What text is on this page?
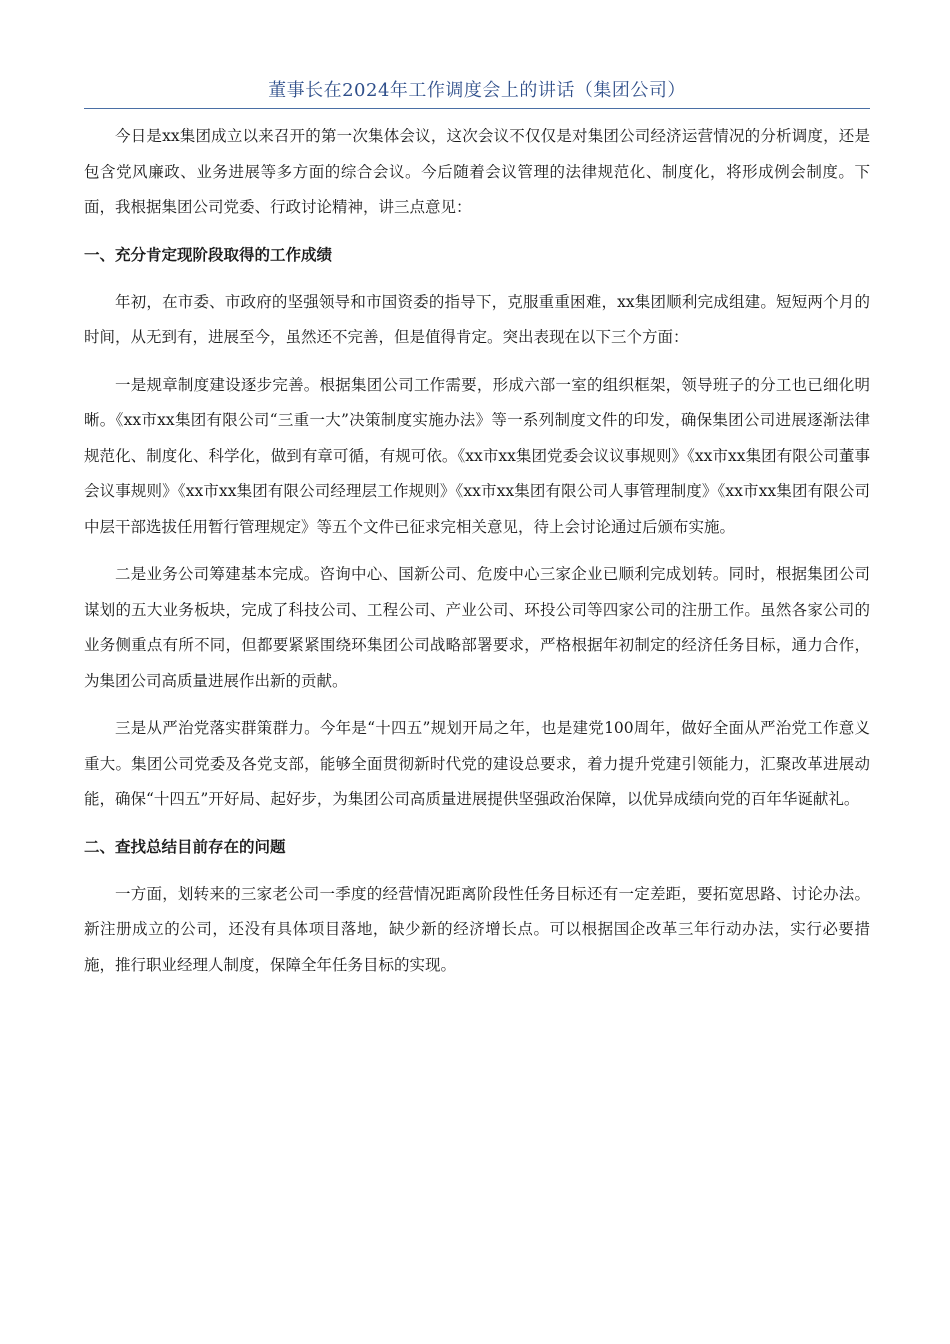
董事长在2024年工作调度会上的讲话（集团公司）

今日是xx集团成立以来召开的第一次集体会议，这次会议不仅仅是对集团公司经济运营情况的分析调度，还是包含党风廉政、业务进展等多方面的综合会议。今后随着会议管理的法律规范化、制度化，将形成例会制度。下面，我根据集团公司党委、行政讨论精神，讲三点意见：

一、充分肯定现阶段取得的工作成绩

年初，在市委、市政府的坚强领导和市国资委的指导下，克服重重困难，xx集团顺利完成组建。短短两个月的时间，从无到有，进展至今，虽然还不完善，但是值得肯定。突出表现在以下三个方面：

一是规章制度建设逐步完善。根据集团公司工作需要，形成六部一室的组织框架，领导班子的分工也已细化明晰。《xx市xx集团有限公司“三重一大”决策制度实施办法》等一系列制度文件的印发，确保集团公司进展逐渐法律规范化、制度化、科学化，做到有章可循，有规可依。《xx市xx集团党委会议议事规则》《xx市xx集团有限公司董事会议事规则》《xx市xx集团有限公司经理层工作规则》《xx市xx集团有限公司人事管理制度》《xx市xx集团有限公司中层干部选拔任用暂行管理规定》等五个文件已征求完相关意见，待上会讨论通过后颁布实施。

二是业务公司筹建基本完成。咨询中心、国新公司、危废中心三家企业已顺利完成划转。同时，根据集团公司谋划的五大业务板块，完成了科技公司、工程公司、产业公司、环投公司等四家公司的注册工作。虽然各家公司的业务侧重点有所不同，但都要紧紧围绕环集团公司战略部署要求，严格根据年初制定的经济任务目标，通力合作，为集团公司高质量进展作出新的贡献。

三是从严治党落实群策群力。今年是“十四五”规划开局之年，也是建党100周年，做好全面从严治党工作意义重大。集团公司党委及各党支部，能够全面贯彻新时代党的建设总要求，着力提升党建引领能力，汇聚改革进展动能，确保“十四五”开好局、起好步，为集团公司高质量进展提供坚强政治保障，以优异成绩向党的百年华诞献礼。

二、查找总结目前存在的问题

一方面，划转来的三家老公司一季度的经营情况距离阶段性任务目标还有一定差距，要拓宽思路、讨论办法。新注册成立的公司，还没有具体项目落地，缺少新的经济增长点。可以根据国企改革三年行动办法，实行必要措施，推行职业经理人制度，保障全年任务目标的实现。
